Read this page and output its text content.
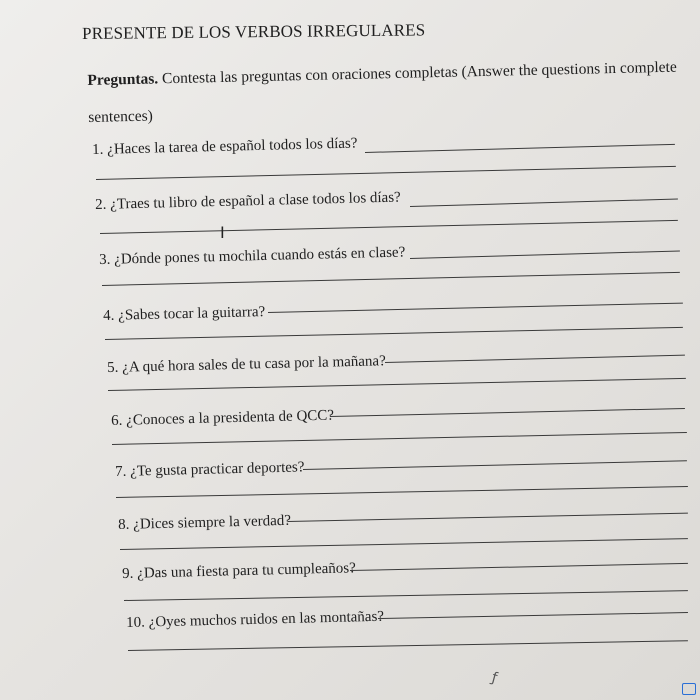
PRESENTE DE LOS VERBOS IRREGULARES
Preguntas. Contesta las preguntas con oraciones completas (Answer the questions in complete sentences)
1. ¿Haces la tarea de español todos los días?
2. ¿Traes tu libro de español a clase todos los días?
I
3. ¿Dónde pones tu mochila cuando estás en clase?
4. ¿Sabes tocar la guitarra?
5. ¿A qué hora sales de tu casa por la mañana?
6. ¿Conoces a la presidenta de QCC?
7. ¿Te gusta practicar deportes?
8. ¿Dices siempre la verdad?
9. ¿Das una fiesta para tu cumpleaños?
10. ¿Oyes muchos ruidos en las montañas?
ƒ
